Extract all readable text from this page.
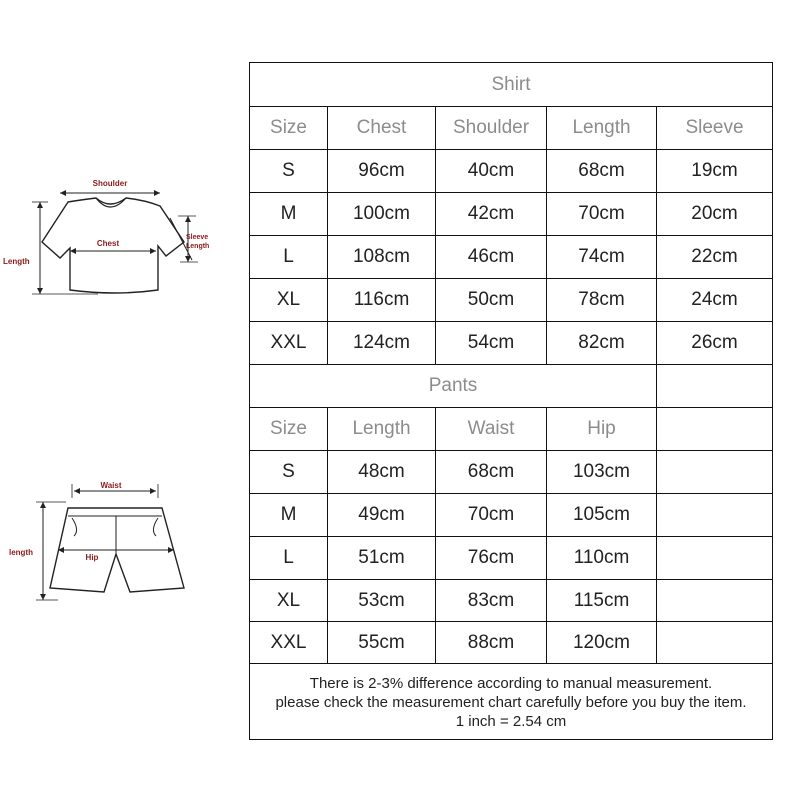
Shoulder
Chest
Sleeve
Length
Length
Waist
Hip
length
Shirt
Size	Chest	Shoulder	Length	Sleeve
S	96cm	40cm	68cm	19cm
M	100cm	42cm	70cm	20cm
L	108cm	46cm	74cm	22cm
XL	116cm	50cm	78cm	24cm
XXL	124cm	54cm	82cm	26cm
Pants
Size	Length	Waist	Hip
S	48cm	68cm	103cm
M	49cm	70cm	105cm
L	51cm	76cm	110cm
XL	53cm	83cm	115cm
XXL	55cm	88cm	120cm
There is 2-3% difference according to manual measurement.
please check the measurement chart carefully before you buy the item.
1 inch = 2.54 cm
